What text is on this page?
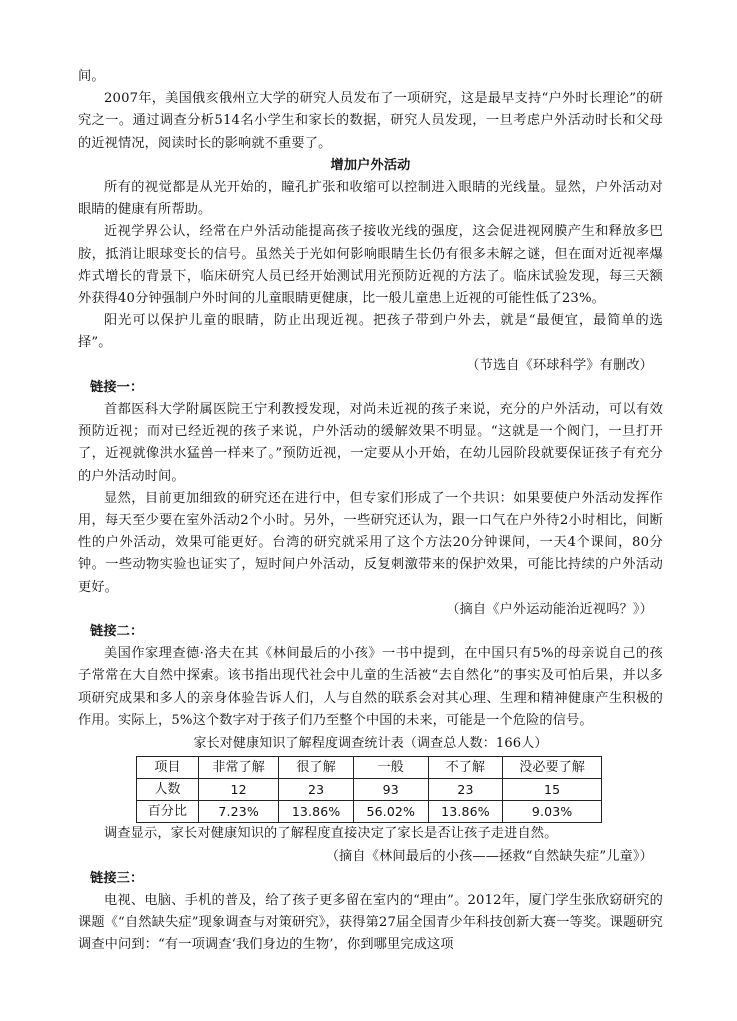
间。

2007年，美国俄亥俄州立大学的研究人员发布了一项研究，这是最早支持“户外时长理论”的研究之一。通过调查分析514名小学生和家长的数据，研究人员发现，一旦考虑户外活动时长和父母的近视情况，阅读时长的影响就不重要了。

增加户外活动

所有的视觉都是从光开始的，瞳孔扩张和收缩可以控制进入眼睛的光线量。显然，户外活动对眼睛的健康有所帮助。

近视学界公认，经常在户外活动能提高孩子接收光线的强度，这会促进视网膜产生和释放多巴胺，抵消让眼球变长的信号。虽然关于光如何影响眼睛生长仍有很多未解之谜，但在面对近视率爆炸式增长的背景下，临床研究人员已经开始测试用光预防近视的方法了。临床试验发现，每三天额外获得40分钟强制户外时间的儿童眼睛更健康，比一般儿童患上近视的可能性低了23%。

阳光可以保护儿童的眼睛，防止出现近视。把孩子带到户外去，就是“最便宜，最简单的选择”。

（节选自《环球科学》有删改）

链接一：

首都医科大学附属医院王宁利教授发现，对尚未近视的孩子来说，充分的户外活动，可以有效预防近视；而对已经近视的孩子来说，户外活动的缓解效果不明显。“这就是一个阀门，一旦打开了，近视就像洪水猛兽一样来了。”预防近视，一定要从小开始，在幼儿园阶段就要保证孩子有充分的户外活动时间。

显然，目前更加细致的研究还在进行中，但专家们形成了一个共识：如果要使户外活动发挥作用，每天至少要在室外活动2个小时。另外，一些研究还认为，跟一口气在户外待2小时相比，间断性的户外活动，效果可能更好。台湾的研究就采用了这个方法20分钟课间，一天4个课间，80分钟。一些动物实验也证实了，短时间户外活动，反复刺激带来的保护效果，可能比持续的户外活动更好。

（摘自《户外运动能治近视吗？》）

链接二：

美国作家理查德·洛夫在其《林间最后的小孩》一书中提到，在中国只有5%的母亲说自己的孩子常常在大自然中探索。该书指出现代社会中儿童的生活被“去自然化”的事实及可怕后果，并以多项研究成果和多人的亲身体验告诉人们，人与自然的联系会对其心理、生理和精神健康产生积极的作用。实际上，5%这个数字对于孩子们乃至整个中国的未来，可能是一个危险的信号。

家长对健康知识了解程度调查统计表（调查总人数：166人）

项目	非常了解	很了解	一般	不了解	没必要了解
人数	12	23	93	23	15
百分比	7.23%	13.86%	56.02%	13.86%	9.03%

调查显示，家长对健康知识的了解程度直接决定了家长是否让孩子走进自然。

（摘自《林间最后的小孩——拯救“自然缺失症”儿童》）

链接三：

电视、电脑、手机的普及，给了孩子更多留在室内的“理由”。2012年，厦门学生张欣窈研究的课题《“自然缺失症”现象调查与对策研究》，获得第27届全国青少年科技创新大赛一等奖。课题研究调查中问到：“有一项调查‘我们身边的生物’，你到哪里完成这项
